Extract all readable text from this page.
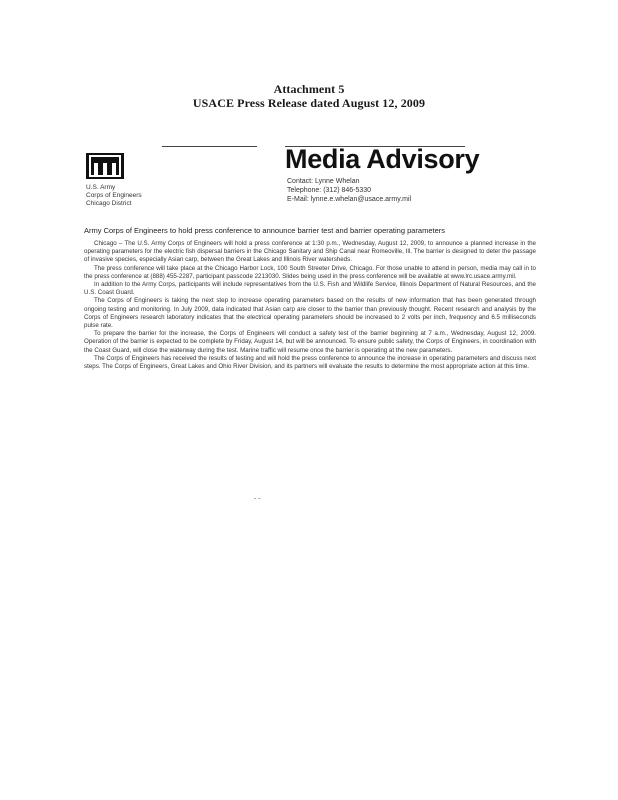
Attachment 5
USACE Press Release dated August 12, 2009
U.S. Army
Corps of Engineers
Chicago District
Media Advisory
Contact: Lynne Whelan
Telephone: (312) 846-5330
E-Mail: lynne.e.whelan@usace.army.mil
Army Corps of Engineers to hold press conference to announce barrier test and barrier operating parameters

Chicago – The U.S. Army Corps of Engineers will hold a press conference at 1:30 p.m., Wednesday, August 12, 2009, to announce a planned increase in the operating parameters for the electric fish dispersal barriers in the Chicago Sanitary and Ship Canal near Romeoville, Ill. The barrier is designed to deter the passage of invasive species, especially Asian carp, between the Great Lakes and Illinois River watersheds.

The press conference will take place at the Chicago Harbor Lock, 100 South Streeter Drive, Chicago. For those unable to attend in person, media may call in to the press conference at (888) 455-2287, participant passcode 2213030. Slides being used in the press conference will be available at www.lrc.usace.army.mil.

In addition to the Army Corps, participants will include representatives from the U.S. Fish and Wildlife Service, Illinois Department of Natural Resources, and the U.S. Coast Guard.

The Corps of Engineers is taking the next step to increase operating parameters based on the results of new information that has been generated through ongoing testing and monitoring. In July 2009, data indicated that Asian carp are closer to the barrier than previously thought. Recent research and analysis by the Corps of Engineers research laboratory indicates that the electrical operating parameters should be increased to 2 volts per inch, frequency and 6.5 milliseconds pulse rate.

To prepare the barrier for the increase, the Corps of Engineers will conduct a safety test of the barrier beginning at 7 a.m., Wednesday, August 12, 2009. Operation of the barrier is expected to be complete by Friday, August 14, but will be announced. To ensure public safety, the Corps of Engineers, in coordination with the Coast Guard, will close the waterway during the test. Marine traffic will resume once the barrier is operating at the new parameters.

The Corps of Engineers has received the results of testing and will hold the press conference to announce the increase in operating parameters and discuss next steps. The Corps of Engineers, Great Lakes and Ohio River Division, and its partners will evaluate the results to determine the most appropriate action at this time.

- -
